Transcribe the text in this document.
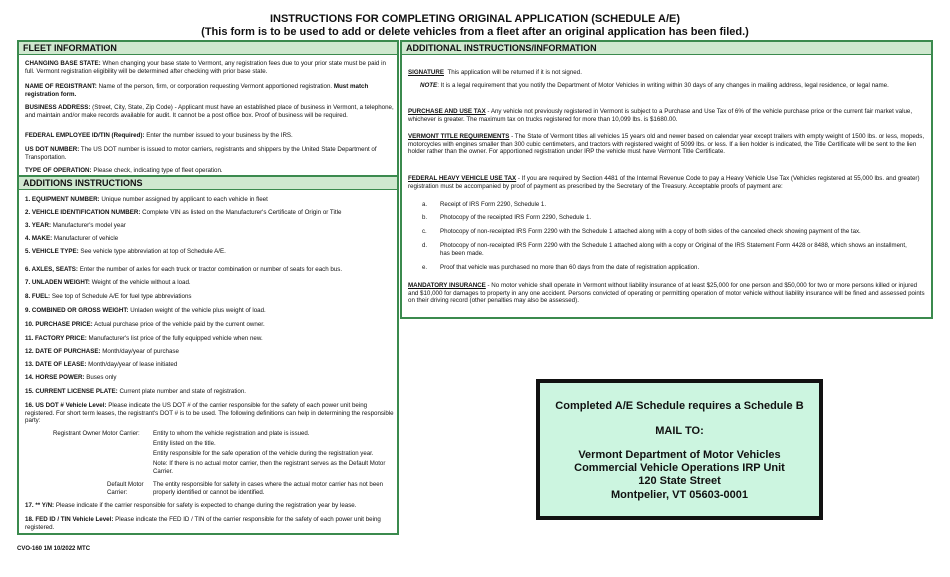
INSTRUCTIONS FOR COMPLETING ORIGINAL APPLICATION (SCHEDULE A/E)
(This form is to be used to add or delete vehicles from a fleet after an original application has been filed.)
FLEET INFORMATION
CHANGING BASE STATE: When changing your base state to Vermont, any registration fees due to your prior state must be paid in full. Vermont registration eligibility will be determined after checking with prior base state.
NAME OF REGISTRANT: Name of the person, firm, or corporation requesting Vermont apportioned registration. Must match registration form.
BUSINESS ADDRESS: (Street, City, State, Zip Code) - Applicant must have an established place of business in Vermont, a telephone, and maintain and/or make records available for audit. It cannot be a post office box. Proof of business will be required.
FEDERAL EMPLOYEE ID/TIN (Required): Enter the number issued to your business by the IRS.
US DOT NUMBER: The US DOT number is issued to motor carriers, registrants and shippers by the United State Department of Transportation.
TYPE OF OPERATION: Please check, indicating type of fleet operation.
ADDITIONS INSTRUCTIONS
1. EQUIPMENT NUMBER: Unique number assigned by applicant to each vehicle in fleet
2. VEHICLE IDENTIFICATION NUMBER: Complete VIN as listed on the Manufacturer's Certificate of Origin or Title
3. YEAR: Manufacturer's model year
4. MAKE: Manufacturer of vehicle
5. VEHICLE TYPE: See vehicle type abbreviation at top of Schedule A/E.
6. AXLES, SEATS: Enter the number of axles for each truck or tractor combination or number of seats for each bus.
7. UNLADEN WEIGHT: Weight of the vehicle without a load.
8. FUEL: See top of Schedule A/E for fuel type abbreviations
9. COMBINED OR GROSS WEIGHT: Unladen weight of the vehicle plus weight of load.
10. PURCHASE PRICE: Actual purchase price of the vehicle paid by the current owner.
11. FACTORY PRICE: Manufacturer's list price of the fully equipped vehicle when new.
12. DATE OF PURCHASE: Month/day/year of purchase
13. DATE OF LEASE: Month/day/year of lease initiated
14. HORSE POWER: Buses only
15. CURRENT LICENSE PLATE: Current plate number and state of registration.
16. US DOT # Vehicle Level: Please indicate the US DOT # of the carrier responsible for the safety of each power unit being registered. For short term leases, the registrant's DOT # is to be used. The following definitions can help in determining the responsible party:
Registrant Owner Motor Carrier:	Entity to whom the vehicle registration and plate is issued.
Entity listed on the title.
Entity responsible for the safe operation of the vehicle during the registration year.
Note: If there is no actual motor carrier, then the registrant serves as the Default Motor Carrier.
Default Motor Carrier:
The entity responsible for safety in cases where the actual motor carrier has not been properly identified or cannot be identified.
17. ** Y/N: Please indicate if the carrier responsible for safety is expected to change during the registration year by lease.
18. FED ID / TIN Vehicle Level: Please indicate the FED ID / TIN of the carrier responsible for the safety of each power unit being registered.
ADDITIONAL INSTRUCTIONS/INFORMATION
SIGNATURE This application will be returned if it is not signed.
NOTE: It is a legal requirement that you notify the Department of Motor Vehicles in writing within 30 days of any changes in mailing address, legal residence, or legal name.
PURCHASE AND USE TAX - Any vehicle not previously registered in Vermont is subject to a Purchase and Use Tax of 6% of the vehicle purchase price or the current fair market value, whichever is greater. The maximum tax on trucks registered for more than 10,099 lbs. is $1680.00.
VERMONT TITLE REQUIREMENTS - The State of Vermont titles all vehicles 15 years old and newer based on calendar year except trailers with empty weight of 1500 lbs. or less, mopeds, motorcycles with engines smaller than 300 cubic centimeters, and tractors with registered weight of 5099 lbs. or less. If a lien holder is indicated, the Title Certificate will be sent to the lien holder rather than the owner. For apportioned registration under IRP the vehicle must have Vermont Title Certificate.
FEDERAL HEAVY VEHICLE USE TAX - If you are required by Section 4481 of the Internal Revenue Code to pay a Heavy Vehicle Use Tax (Vehicles registered at 55,000 lbs. and greater) registration must be accompanied by proof of payment as prescribed by the Secretary of the Treasury. Acceptable proofs of payment are:
a.	Receipt of IRS Form 2290, Schedule 1.
b.	Photocopy of the receipted IRS Form 2290, Schedule 1.
c.	Photocopy of non-receipted IRS Form 2290 with the Schedule 1 attached along with a copy of both sides of the canceled check showing payment of the tax.
d.	Photocopy of non-receipted IRS Form 2290 with the Schedule 1 attached along with a copy or Original of the IRS Statement Form 4428 or 8488, which shows an installment, has been made.
e.	Proof that vehicle was purchased no more than 60 days from the date of registration application.
MANDATORY INSURANCE - No motor vehicle shall operate in Vermont without liability insurance of at least $25,000 for one person and $50,000 for two or more persons killed or injured and $10,000 for damages to property in any one accident. Persons convicted of operating or permitting operation of motor vehicle without liability insurance will be fined and assessed points on their driving record (other penalties may also be assessed).
Completed A/E Schedule requires a Schedule B
MAIL TO:
Vermont Department of Motor Vehicles
Commercial Vehicle Operations IRP Unit
120 State Street
Montpelier, VT 05603-0001
CVO-160 1M 10/2022 MTC
